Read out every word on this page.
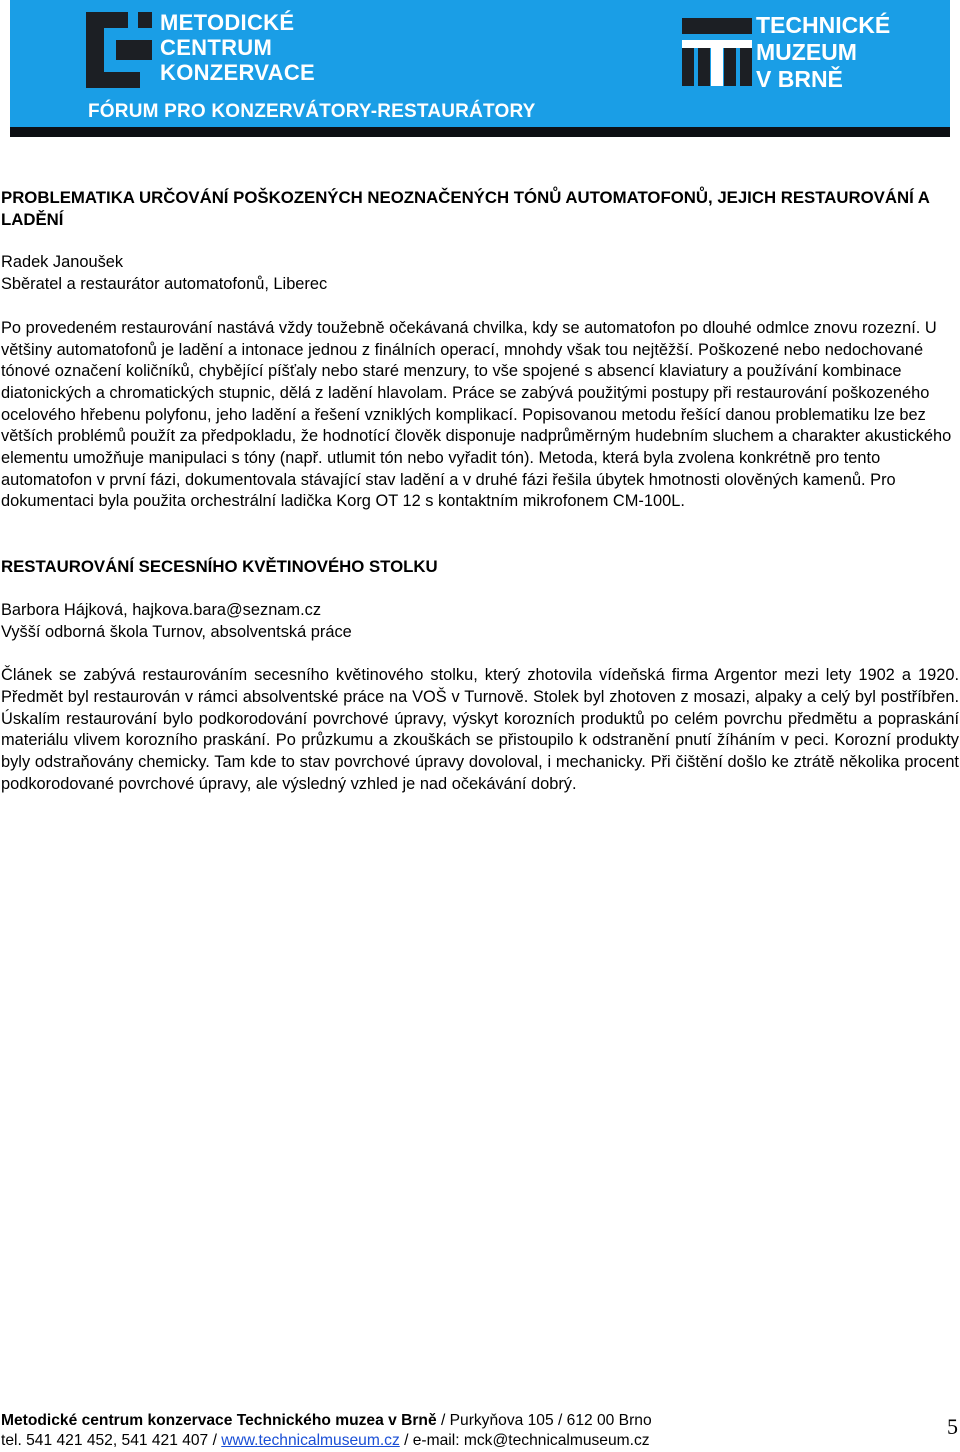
METODICKÉ
CENTRUM
KONZERVACE
FÓRUM PRO KONZERVÁTORY-RESTAURÁTORY
TECHNICKÉ
MUZEUM
V BRNĚ

PROBLEMATIKA URČOVÁNÍ POŠKOZENÝCH NEOZNAČENÝCH TÓNŮ AUTOMATOFONŮ, JEJICH RESTAUROVÁNÍ A LADĚNÍ

Radek Janoušek

Sběratel a restaurátor automatofonů, Liberec

Po provedeném restaurování nastává vždy toužebně očekávaná chvilka, kdy se automatofon po dlouhé odmlce znovu rozezní. U většiny automatofonů je ladění a intonace jednou z finálních operací, mnohdy však tou nejtěžší. Poškozené nebo nedochované tónové označení količníků, chybějící píšťaly nebo staré menzury, to vše spojené s absencí klaviatury a používání kombinace diatonických a chromatických stupnic, dělá z ladění hlavolam. Práce se zabývá použitými postupy při restaurování poškozeného ocelového hřebenu polyfonu, jeho ladění a řešení vzniklých komplikací. Popisovanou metodu řešící danou problematiku lze bez větších problémů použít za předpokladu, že hodnotící člověk disponuje nadprůměrným hudebním sluchem a charakter akustického elementu umožňuje manipulaci s tóny (např. utlumit tón nebo vyřadit tón). Metoda, která byla zvolena konkrétně pro tento automatofon v první fázi, dokumentovala stávající stav ladění a v druhé fázi řešila úbytek hmotnosti olověných kamenů. Pro dokumentaci byla použita orchestrální ladička Korg OT 12 s kontaktním mikrofonem CM-100L.

RESTAUROVÁNÍ SECESNÍHO KVĚTINOVÉHO STOLKU

Barbora Hájková, hajkova.bara@seznam.cz

Vyšší odborná škola Turnov, absolventská práce

Článek se zabývá restaurováním secesního květinového stolku, který zhotovila vídeňská firma Argentor mezi lety 1902 a 1920. Předmět byl restaurován v rámci absolventské práce na VOŠ v Turnově. Stolek byl zhotoven z mosazi, alpaky a celý byl postříbřen. Úskalím restaurování bylo podkorodování povrchové úpravy, výskyt korozních produktů po celém povrchu předmětu a popraskání materiálu vlivem korozního praskání. Po průzkumu a zkouškách se přistoupilo k odstranění pnutí žíháním v peci. Korozní produkty byly odstraňovány chemicky. Tam kde to stav povrchové úpravy dovoloval, i mechanicky. Při čištění došlo ke ztrátě několika procent podkorodované povrchové úpravy, ale výsledný vzhled je nad očekávání dobrý.

Metodické centrum konzervace Technického muzea v Brně / Purkyňova 105 / 612 00 Brno
tel. 541 421 452, 541 421 407 / www.technicalmuseum.cz / e-mail: mck@technicalmuseum.cz
5
